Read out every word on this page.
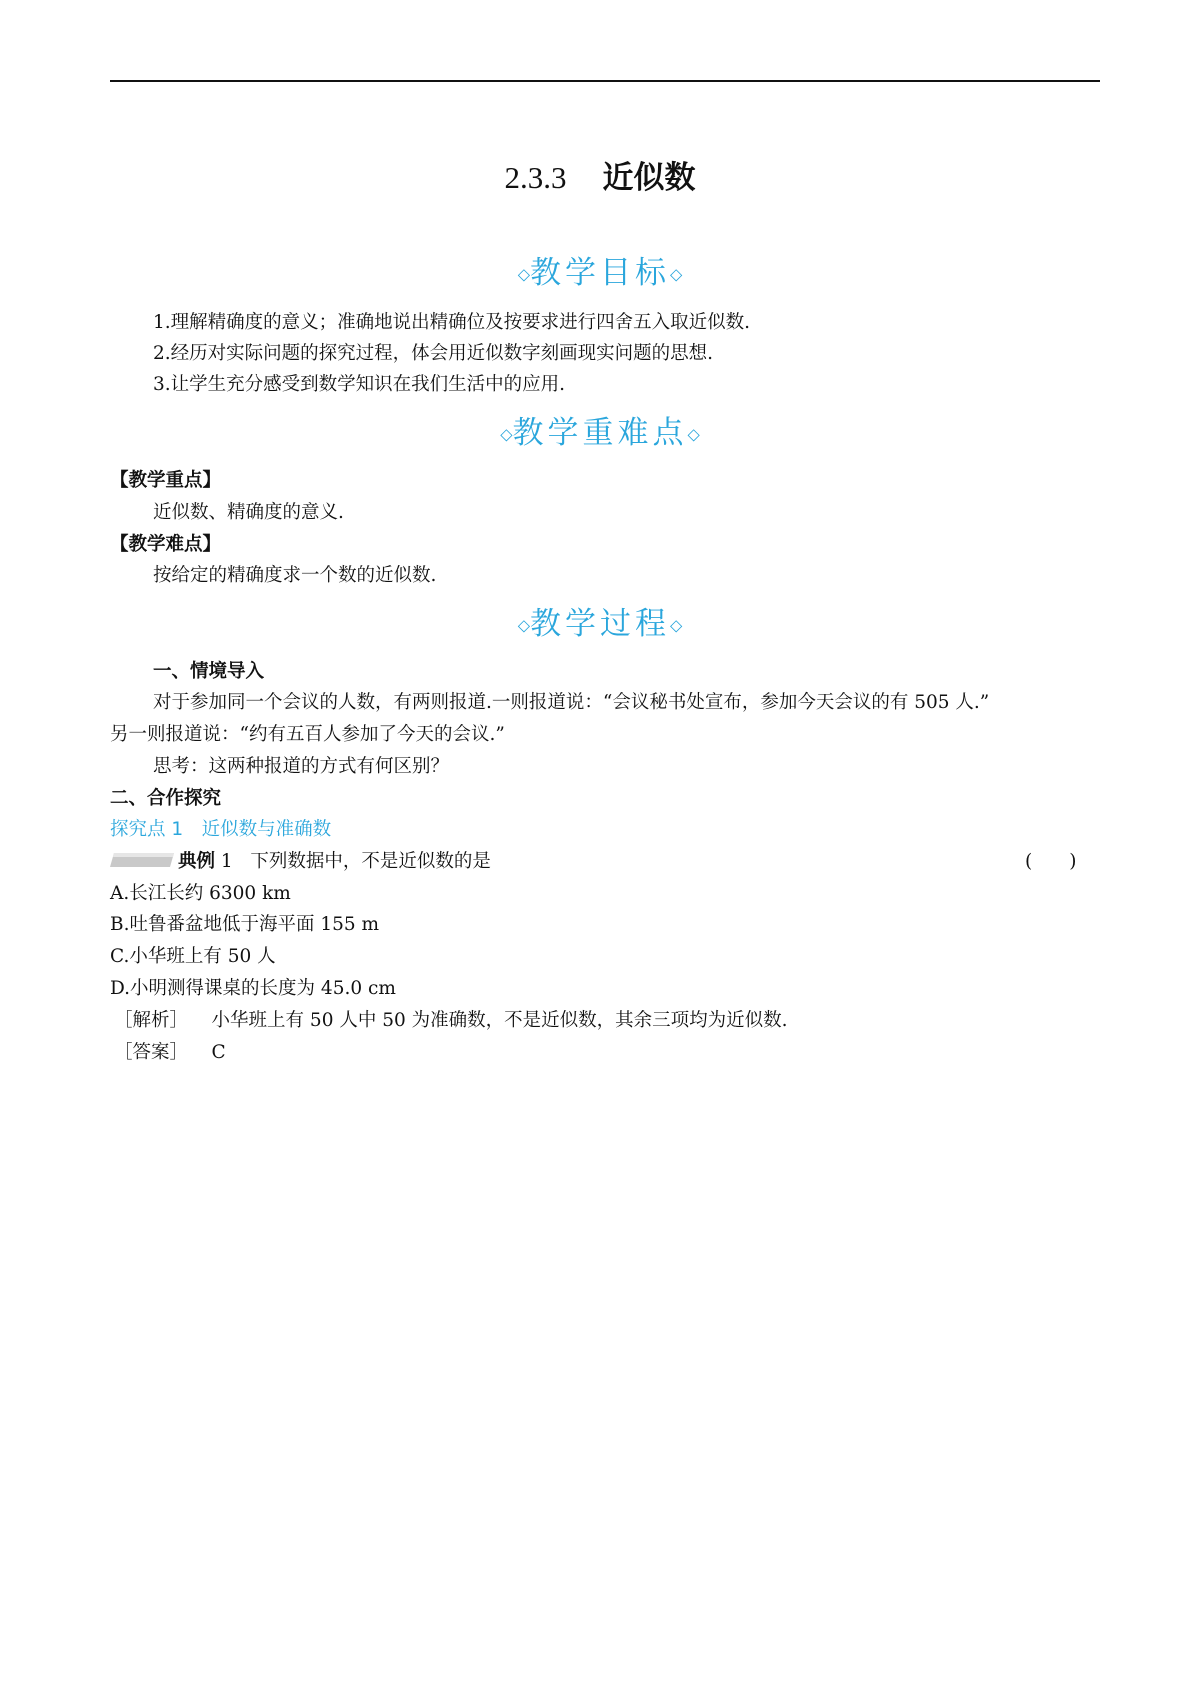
2.3.3 近似数
◇教学目标◇
1.理解精确度的意义；准确地说出精确位及按要求进行四舍五入取近似数.
2.经历对实际问题的探究过程，体会用近似数字刻画现实问题的思想.
3.让学生充分感受到数学知识在我们生活中的应用.
◇教学重难点◇
【教学重点】
近似数、精确度的意义.
【教学难点】
按给定的精确度求一个数的近似数.
◇教学过程◇
一、情境导入
对于参加同一个会议的人数，有两则报道.一则报道说：“会议秘书处宣布，参加今天会议的有 505 人.”
另一则报道说：“约有五百人参加了今天的会议.”
思考：这两种报道的方式有何区别？
二、合作探究
探究点 1　近似数与准确数
典例 1 下列数据中，不是近似数的是	(　　)
A.长江长约 6300 km
B.吐鲁番盆地低于海平面 155 m
C.小华班上有 50 人
D.小明测得课桌的长度为 45.0 cm
［解析］ 小华班上有 50 人中 50 为准确数，不是近似数，其余三项均为近似数.
［答案］ C
